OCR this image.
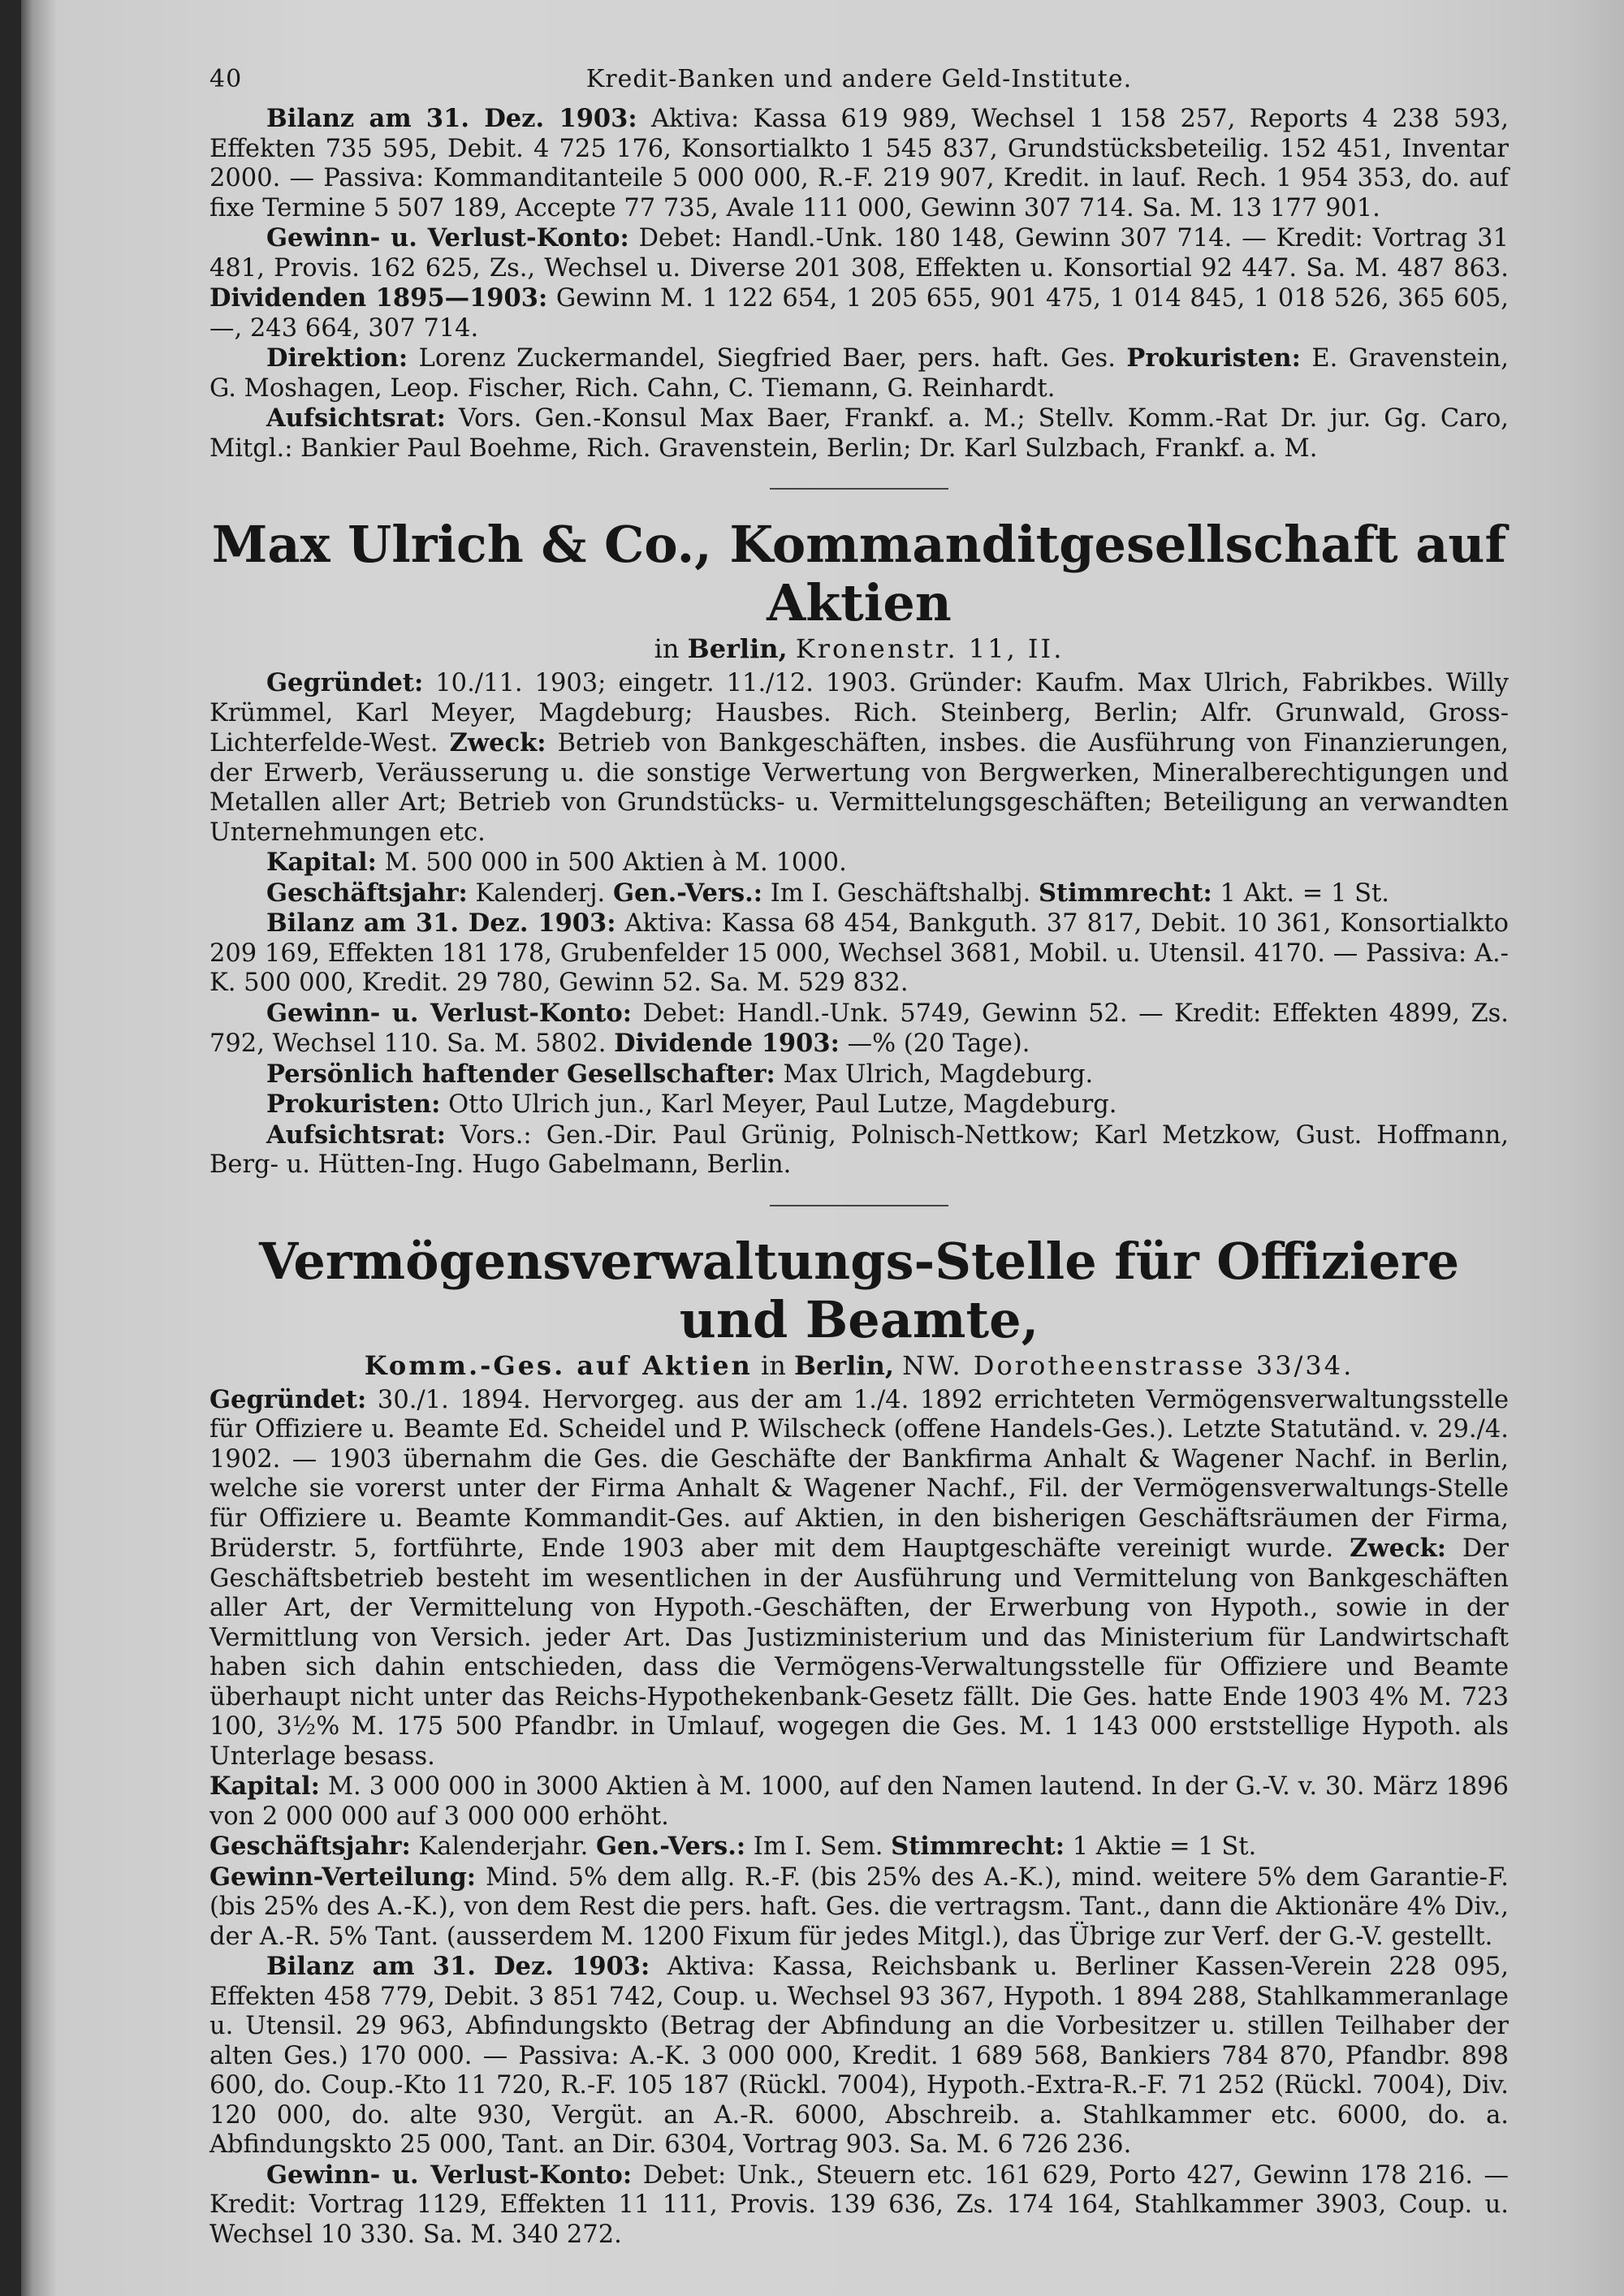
40	Kredit-Banken und andere Geld-Institute.

Bilanz am 31. Dez. 1903: Aktiva: Kassa 619 989, Wechsel 1 158 257, Reports 4 238 593, Effekten 735 595, Debit. 4 725 176, Konsortialkto 1 545 837, Grundstücksbeteilig. 152 451, Inventar 2000. — Passiva: Kommanditanteile 5 000 000, R.-F. 219 907, Kredit. in lauf. Rech. 1 954 353, do. auf fixe Termine 5 507 189, Accepte 77 735, Avale 111 000, Gewinn 307 714. Sa. M. 13 177 901.

Gewinn- u. Verlust-Konto: Debet: Handl.-Unk. 180 148, Gewinn 307 714. — Kredit: Vortrag 31 481, Provis. 162 625, Zs., Wechsel u. Diverse 201 308, Effekten u. Konsortial 92 447. Sa. M. 487 863. Dividenden 1895—1903: Gewinn M. 1 122 654, 1 205 655, 901 475, 1 014 845, 1 018 526, 365 605, —, 243 664, 307 714.

Direktion: Lorenz Zuckermandel, Siegfried Baer, pers. haft. Ges. Prokuristen: E. Gravenstein, G. Moshagen, Leop. Fischer, Rich. Cahn, C. Tiemann, G. Reinhardt.

Aufsichtsrat: Vors. Gen.-Konsul Max Baer, Frankf. a. M.; Stellv. Komm.-Rat Dr. jur. Gg. Caro, Mitgl.: Bankier Paul Boehme, Rich. Gravenstein, Berlin; Dr. Karl Sulzbach, Frankf. a. M.

Max Ulrich & Co., Kommanditgesellschaft auf Aktien

in Berlin, Kronenstr. 11, II.

Gegründet: 10./11. 1903; eingetr. 11./12. 1903. Gründer: Kaufm. Max Ulrich, Fabrikbes. Willy Krümmel, Karl Meyer, Magdeburg; Hausbes. Rich. Steinberg, Berlin; Alfr. Grunwald, Gross-Lichterfelde-West. Zweck: Betrieb von Bankgeschäften, insbes. die Ausführung von Finanzierungen, der Erwerb, Veräusserung u. die sonstige Verwertung von Bergwerken, Mineralberechtigungen und Metallen aller Art; Betrieb von Grundstücks- u. Vermittelungsgeschäften; Beteiligung an verwandten Unternehmungen etc.

Kapital: M. 500 000 in 500 Aktien à M. 1000.

Geschäftsjahr: Kalenderj. Gen.-Vers.: Im I. Geschäftshalbj. Stimmrecht: 1 Akt. = 1 St.

Bilanz am 31. Dez. 1903: Aktiva: Kassa 68 454, Bankguth. 37 817, Debit. 10 361, Konsortialkto 209 169, Effekten 181 178, Grubenfelder 15 000, Wechsel 3681, Mobil. u. Utensil. 4170. — Passiva: A.-K. 500 000, Kredit. 29 780, Gewinn 52. Sa. M. 529 832.

Gewinn- u. Verlust-Konto: Debet: Handl.-Unk. 5749, Gewinn 52. — Kredit: Effekten 4899, Zs. 792, Wechsel 110. Sa. M. 5802. Dividende 1903: —% (20 Tage).

Persönlich haftender Gesellschafter: Max Ulrich, Magdeburg.

Prokuristen: Otto Ulrich jun., Karl Meyer, Paul Lutze, Magdeburg.

Aufsichtsrat: Vors.: Gen.-Dir. Paul Grünig, Polnisch-Nettkow; Karl Metzkow, Gust. Hoffmann, Berg- u. Hütten-Ing. Hugo Gabelmann, Berlin.

Vermögensverwaltungs-Stelle für Offiziere und Beamte,

Komm.-Ges. auf Aktien in Berlin, NW. Dorotheenstrasse 33/34.

Gegründet: 30./1. 1894. Hervorgeg. aus der am 1./4. 1892 errichteten Vermögensverwaltungsstelle für Offiziere u. Beamte Ed. Scheidel und P. Wilscheck (offene Handels-Ges.). Letzte Statutänd. v. 29./4. 1902. — 1903 übernahm die Ges. die Geschäfte der Bankfirma Anhalt & Wagener Nachf. in Berlin, welche sie vorerst unter der Firma Anhalt & Wagener Nachf., Fil. der Vermögensverwaltungs-Stelle für Offiziere u. Beamte Kommandit-Ges. auf Aktien, in den bisherigen Geschäftsräumen der Firma, Brüderstr. 5, fortführte, Ende 1903 aber mit dem Hauptgeschäfte vereinigt wurde. Zweck: Der Geschäftsbetrieb besteht im wesentlichen in der Ausführung und Vermittelung von Bankgeschäften aller Art, der Vermittelung von Hypoth.-Geschäften, der Erwerbung von Hypoth., sowie in der Vermittlung von Versich. jeder Art. Das Justizministerium und das Ministerium für Landwirtschaft haben sich dahin entschieden, dass die Vermögens-Verwaltungsstelle für Offiziere und Beamte überhaupt nicht unter das Reichs-Hypothekenbank-Gesetz fällt. Die Ges. hatte Ende 1903 4% M. 723 100, 3½% M. 175 500 Pfandbr. in Umlauf, wogegen die Ges. M. 1 143 000 erststellige Hypoth. als Unterlage besass.

Kapital: M. 3 000 000 in 3000 Aktien à M. 1000, auf den Namen lautend. In der G.-V. v. 30. März 1896 von 2 000 000 auf 3 000 000 erhöht.

Geschäftsjahr: Kalenderjahr. Gen.-Vers.: Im I. Sem. Stimmrecht: 1 Aktie = 1 St.

Gewinn-Verteilung: Mind. 5% dem allg. R.-F. (bis 25% des A.-K.), mind. weitere 5% dem Garantie-F. (bis 25% des A.-K.), von dem Rest die pers. haft. Ges. die vertragsm. Tant., dann die Aktionäre 4% Div., der A.-R. 5% Tant. (ausserdem M. 1200 Fixum für jedes Mitgl.), das Übrige zur Verf. der G.-V. gestellt.

Bilanz am 31. Dez. 1903: Aktiva: Kassa, Reichsbank u. Berliner Kassen-Verein 228 095, Effekten 458 779, Debit. 3 851 742, Coup. u. Wechsel 93 367, Hypoth. 1 894 288, Stahlkammeranlage u. Utensil. 29 963, Abfindungskto (Betrag der Abfindung an die Vorbesitzer u. stillen Teilhaber der alten Ges.) 170 000. — Passiva: A.-K. 3 000 000, Kredit. 1 689 568, Bankiers 784 870, Pfandbr. 898 600, do. Coup.-Kto 11 720, R.-F. 105 187 (Rückl. 7004), Hypoth.-Extra-R.-F. 71 252 (Rückl. 7004), Div. 120 000, do. alte 930, Vergüt. an A.-R. 6000, Abschreib. a. Stahlkammer etc. 6000, do. a. Abfindungskto 25 000, Tant. an Dir. 6304, Vortrag 903. Sa. M. 6 726 236.

Gewinn- u. Verlust-Konto: Debet: Unk., Steuern etc. 161 629, Porto 427, Gewinn 178 216. — Kredit: Vortrag 1129, Effekten 11 111, Provis. 139 636, Zs. 174 164, Stahlkammer 3903, Coup. u. Wechsel 10 330. Sa. M. 340 272.
